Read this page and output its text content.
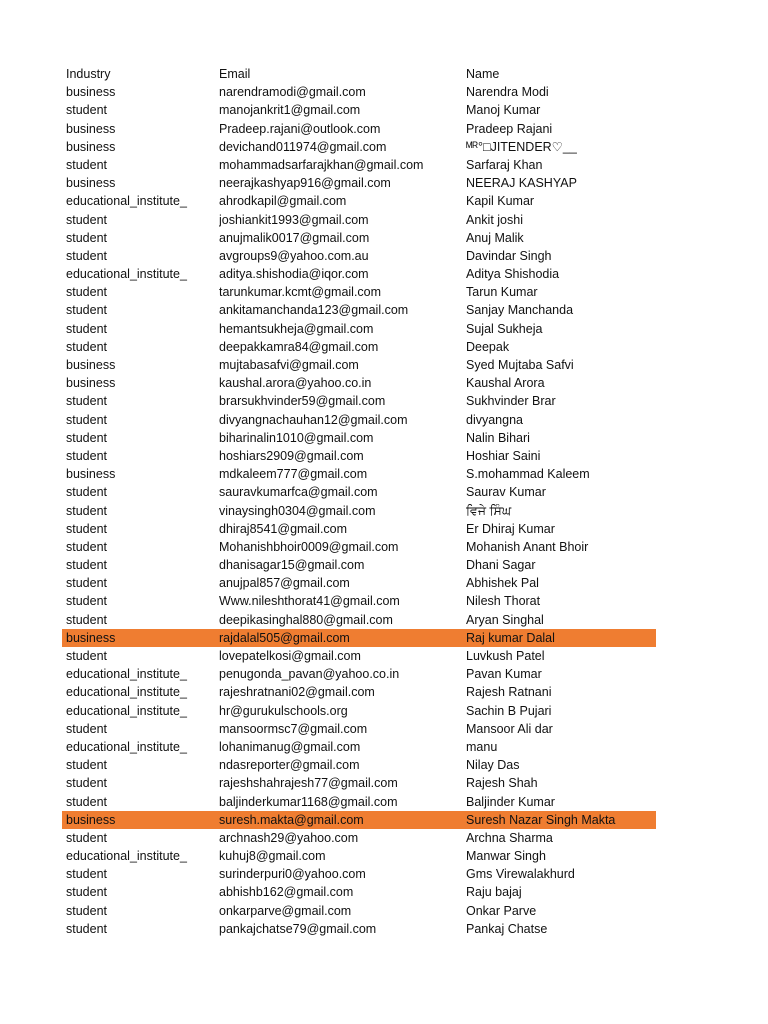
Industry	Email	Name
business	narendramodi@gmail.com	Narendra Modi
student	manojankrit1@gmail.com	Manoj Kumar
business	Pradeep.rajani@outlook.com	Pradeep Rajani
business	devichand011974@gmail.com	ᴹᴿ°□JITENDER♡__
student	mohammadsarfarajkhan@gmail.com	Sarfaraj Khan
business	neerajkashyap916@gmail.com	NEERAJ KASHYAP
educational_institute_	ahrodkapil@gmail.com	Kapil Kumar
student	joshiankit1993@gmail.com	Ankit joshi
student	anujmalik0017@gmail.com	Anuj Malik
student	avgroups9@yahoo.com.au	Davindar Singh
educational_institute_	aditya.shishodia@iqor.com	Aditya Shishodia
student	tarunkumar.kcmt@gmail.com	Tarun Kumar
student	ankitamanchanda123@gmail.com	Sanjay Manchanda
student	hemantsukheja@gmail.com	Sujal Sukheja
student	deepakkamra84@gmail.com	Deepak
business	mujtabasafvi@gmail.com	Syed Mujtaba Safvi
business	kaushal.arora@yahoo.co.in	Kaushal Arora
student	brarsukhvinder59@gmail.com	Sukhvinder Brar
student	divyangnachauhan12@gmail.com	divyangna
student	biharinalin1010@gmail.com	Nalin Bihari
student	hoshiars2909@gmail.com	Hoshiar Saini
business	mdkaleem777@gmail.com	S.mohammad Kaleem
student	sauravkumarfca@gmail.com	Saurav Kumar
student	vinaysingh0304@gmail.com	ਵਿਜੇ ਸਿੰਘ
student	dhiraj8541@gmail.com	Er Dhiraj Kumar
student	Mohanishbhoir0009@gmail.com	Mohanish Anant Bhoir
student	dhanisagar15@gmail.com	Dhani Sagar
student	anujpal857@gmail.com	Abhishek Pal
student	Www.nileshthorat41@gmail.com	Nilesh Thorat
student	deepikasinghal880@gmail.com	Aryan Singhal
business	rajdalal505@gmail.com	Raj kumar Dalal
student	lovepatelkosi@gmail.com	Luvkush Patel
educational_institute_	penugonda_pavan@yahoo.co.in	Pavan Kumar
educational_institute_	rajeshratnani02@gmail.com	Rajesh Ratnani
educational_institute_	hr@gurukulschools.org	Sachin B Pujari
student	mansoormsc7@gmail.com	Mansoor Ali dar
educational_institute_	lohanimanug@gmail.com	manu
student	ndasreporter@gmail.com	Nilay Das
student	rajeshshahrajesh77@gmail.com	Rajesh Shah
student	baljinderkumar1168@gmail.com	Baljinder Kumar
business	suresh.makta@gmail.com	Suresh Nazar Singh Makta
student	archnash29@yahoo.com	Archna Sharma
educational_institute_	kuhuj8@gmail.com	Manwar Singh
student	surinderpuri0@yahoo.com	Gms Virewalakhurd
student	abhishb162@gmail.com	Raju bajaj
student	onkarparve@gmail.com	Onkar Parve
student	pankajchatse79@gmail.com	Pankaj Chatse
